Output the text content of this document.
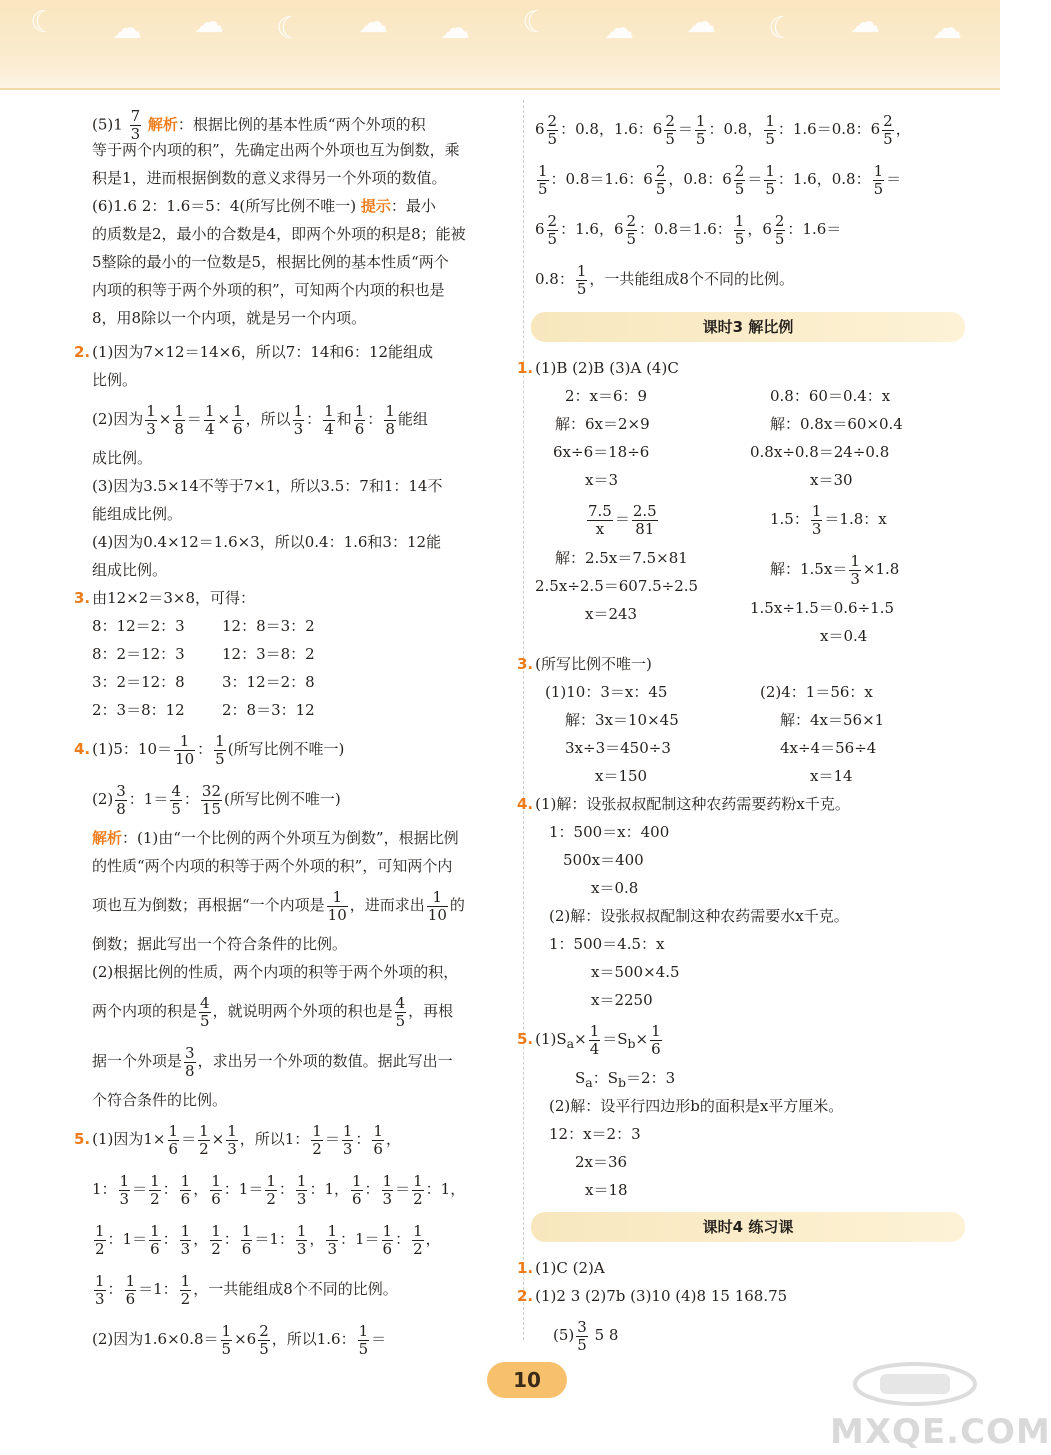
☾ ☁ ☁ ☾ ☁ ☁ ☾ ☁ ☁ ☾ ☁ ☁
$(5)1 \frac{7}{3}$ 解析：根据比例的基本性质“两个外项的积
等于两个内项的积”，先确定出两个外项也互为倒数，乘
积是1，进而根据倒数的意义求得另一个外项的数值。
(6)1.6 2：1.6＝5：4(所写比例不唯一) 提示：最小
的质数是2，最小的合数是4，即两个外项的积是8；能被
5整除的最小的一位数是5，根据比例的基本性质“两个
内项的积等于两个外项的积”，可知两个内项的积也是
8，用8除以一个内项，就是另一个内项。
2. (1)因为7×12＝14×6，所以7：14和6：12能组成
比例。
(2)因为 $\frac{1}{3} \times \frac{1}{8} = \frac{1}{4} \times \frac{1}{6}$ ，所以 $\frac{1}{3}$ ： $\frac{1}{4}$ 和 $\frac{1}{6}$ ： $\frac{1}{8}$ 能组
成比例。
(3)因为3.5×14不等于7×1，所以3.5：7和1：14不
能组成比例。
(4)因为0.4×12＝1.6×3，所以0.4：1.6和3：12能
组成比例。
3. 由12×2＝3×8，可得：
8：12＝2：3	12：8＝3：2
8：2＝12：3	12：3＝8：2
3：2＝12：8	3：12＝2：8
2：3＝8：12	2：8＝3：12
4. (1)5：$10= \frac{1}{10}$ ： $\frac{1}{5}$ (所写比例不唯一)
$(2) \frac{3}{8}$ ：$1= \frac{4}{5}$ ： $\frac{32}{15}$ (所写比例不唯一)
解析：(1)由“一个比例的两个外项互为倒数”，根据比例
的性质“两个内项的积等于两个外项的积”，可知两个内
项也互为倒数；再根据“一个内项是 $\frac{1}{10}$ ，进而求出 $\frac{1}{10}$ 的
倒数；据此写出一个符合条件的比例。
(2)根据比例的性质，两个内项的积等于两个外项的积，
两个内项的积是 $\frac{4}{5}$ ，就说明两个外项的积也是 $\frac{4}{5}$ ，再根
据一个外项是 $\frac{3}{8}$ ，求出另一个外项的数值。据此写出一
个符合条件的比例。
5. (1)因为$1\times \frac{1}{6} = \frac{1}{2} \times \frac{1}{3}$ ，所以1： $\frac{1}{2} = \frac{1}{3}$ ： $\frac{1}{6}$ ，
1： $\frac{1}{3} = \frac{1}{2}$ ： $\frac{1}{6}$ ， $\frac{1}{6}$ ：$1= \frac{1}{2}$ ： $\frac{1}{3}$ ：1， $\frac{1}{6}$ ： $\frac{1}{3} = \frac{1}{2}$ ：1，
$\frac{1}{2}$ ：$1= \frac{1}{6}$ ： $\frac{1}{3}$ ， $\frac{1}{2}$ ： $\frac{1}{6} =1$： $\frac{1}{3}$ ， $\frac{1}{3}$ ：$1= \frac{1}{6}$ ： $\frac{1}{2}$ ，
$\frac{1}{3}$ ： $\frac{1}{6} =1$： $\frac{1}{2}$ ，一共能组成8个不同的比例。
(2)因为$1.6\times 0.8= \frac{1}{5} \times 6 \frac{2}{5}$ ，所以1.6： $\frac{1}{5}$ ＝
$6 \frac{2}{5}$ ：0.8，1.6：$6 \frac{2}{5} = \frac{1}{5}$ ：0.8， $\frac{1}{5}$ ：1.6＝0.8：$6 \frac{2}{5}$ ，
$\frac{1}{5}$ ：0.8＝1.6：$6 \frac{2}{5}$ ，0.8：$6 \frac{2}{5} = \frac{1}{5}$ ：1.6，0.8： $\frac{1}{5}$ ＝
$6 \frac{2}{5}$ ：1.6，$6 \frac{2}{5}$ ：0.8＝1.6： $\frac{1}{5}$ ，$6 \frac{2}{5}$ ：1.6＝
0.8： $\frac{1}{5}$ ，一共能组成8个不同的比例。
课时3 解比例
1. (1)B (2)B (3)A (4)C
2：x＝6：9
解：6x＝2×9
6x÷6＝18÷6
x＝3
0.8：60＝0.4：x
解：0.8x＝60×0.4
0.8x÷0.8＝24÷0.8
x＝30
$\frac{7.5}{x} = \frac{2.5}{81}$
解：2.5x＝7.5×81
2.5x÷2.5＝607.5÷2.5
x＝243
1.5： $\frac{1}{3} =1.8$：x
解：$1.5x= \frac{1}{3} \times 1.8$
1.5x÷1.5＝0.6÷1.5
x＝0.4
3. (所写比例不唯一)
(1)10：3＝x：45
解：3x＝10×45
3x÷3＝450÷3
x＝150
(2)4：1＝56：x
解：4x＝56×1
4x÷4＝56÷4
x＝14
4. (1)解：设张叔叔配制这种农药需要药粉x千克。
1：500＝x：400
500x＝400
x＝0.8
(2)解：设张叔叔配制这种农药需要水x千克。
1：500＝4.5：x
x＝500×4.5
x＝2250
5. $(1)S_a\times \frac{1}{4} =S_b\times \frac{1}{6}$
$S_a$：$S_b=2$：3
(2)解：设平行四边形b的面积是x平方厘米。
12：x＝2：3
2x＝36
x＝18
课时4 练习课
1. (1)C (2)A
2. (1)2 3 (2)7b (3)10 (4)8 15 168.75
$(5) \frac{3}{5} 5$ 8
10
MXQE.COM
